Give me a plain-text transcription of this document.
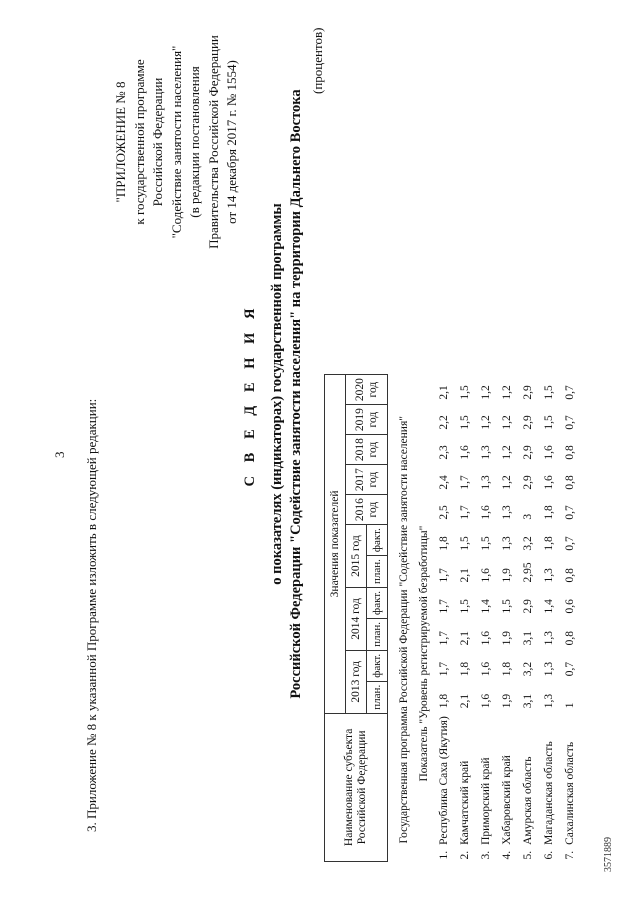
3 3. Приложение № 8 к указанной Программе изложить в следующей редакции:
"ПРИЛОЖЕНИЕ № 8 к государственной программе Российской Федерации "Содействие занятости населения" (в редакции постановления Правительства Российской Федерации от 14 декабря 2017 г. № 1554)
С В Е Д Е Н И Я о показателях (индикаторах) государственной программы Российской Федерации "Содействие занятости населения" на территории Дальнего Востока
(процентов)
Наименование субъекта Российской Федерации		Значения показателей										
		2013 год		2014 год		2015 год		2016 год	2017 год	2018 год	2019 год	2020 год
		план.	факт.	план.	факт.	план.	факт.					
Государственная программа Российской Федерации "Содействие занятости населения"												
Показатель "Уровень регистрируемой безработицы"												
1.	Республика Саха (Якутия)	1,8	1,7	1,7	1,7	1,7	1,8	2,5	2,4	2,3	2,2	2,1
2.	Камчатский край	2,1	1,8	2,1	1,5	2,1	1,5	1,7	1,7	1,6	1,5	1,5
3.	Приморский край	1,6	1,6	1,6	1,4	1,6	1,5	1,6	1,3	1,3	1,2	1,2
4.	Хабаровский край	1,9	1,8	1,9	1,5	1,9	1,3	1,3	1,2	1,2	1,2	1,2
5.	Амурская область	3,1	3,2	3,1	2,9	2,95	3,2	3	2,9	2,9	2,9	2,9
6.	Магаданская область	1,3	1,3	1,3	1,4	1,3	1,8	1,8	1,6	1,6	1,5	1,5
7.	Сахалинская область	1	0,7	0,8	0,6	0,8	0,7	0,7	0,8	0,8	0,7	0,7
3571889
